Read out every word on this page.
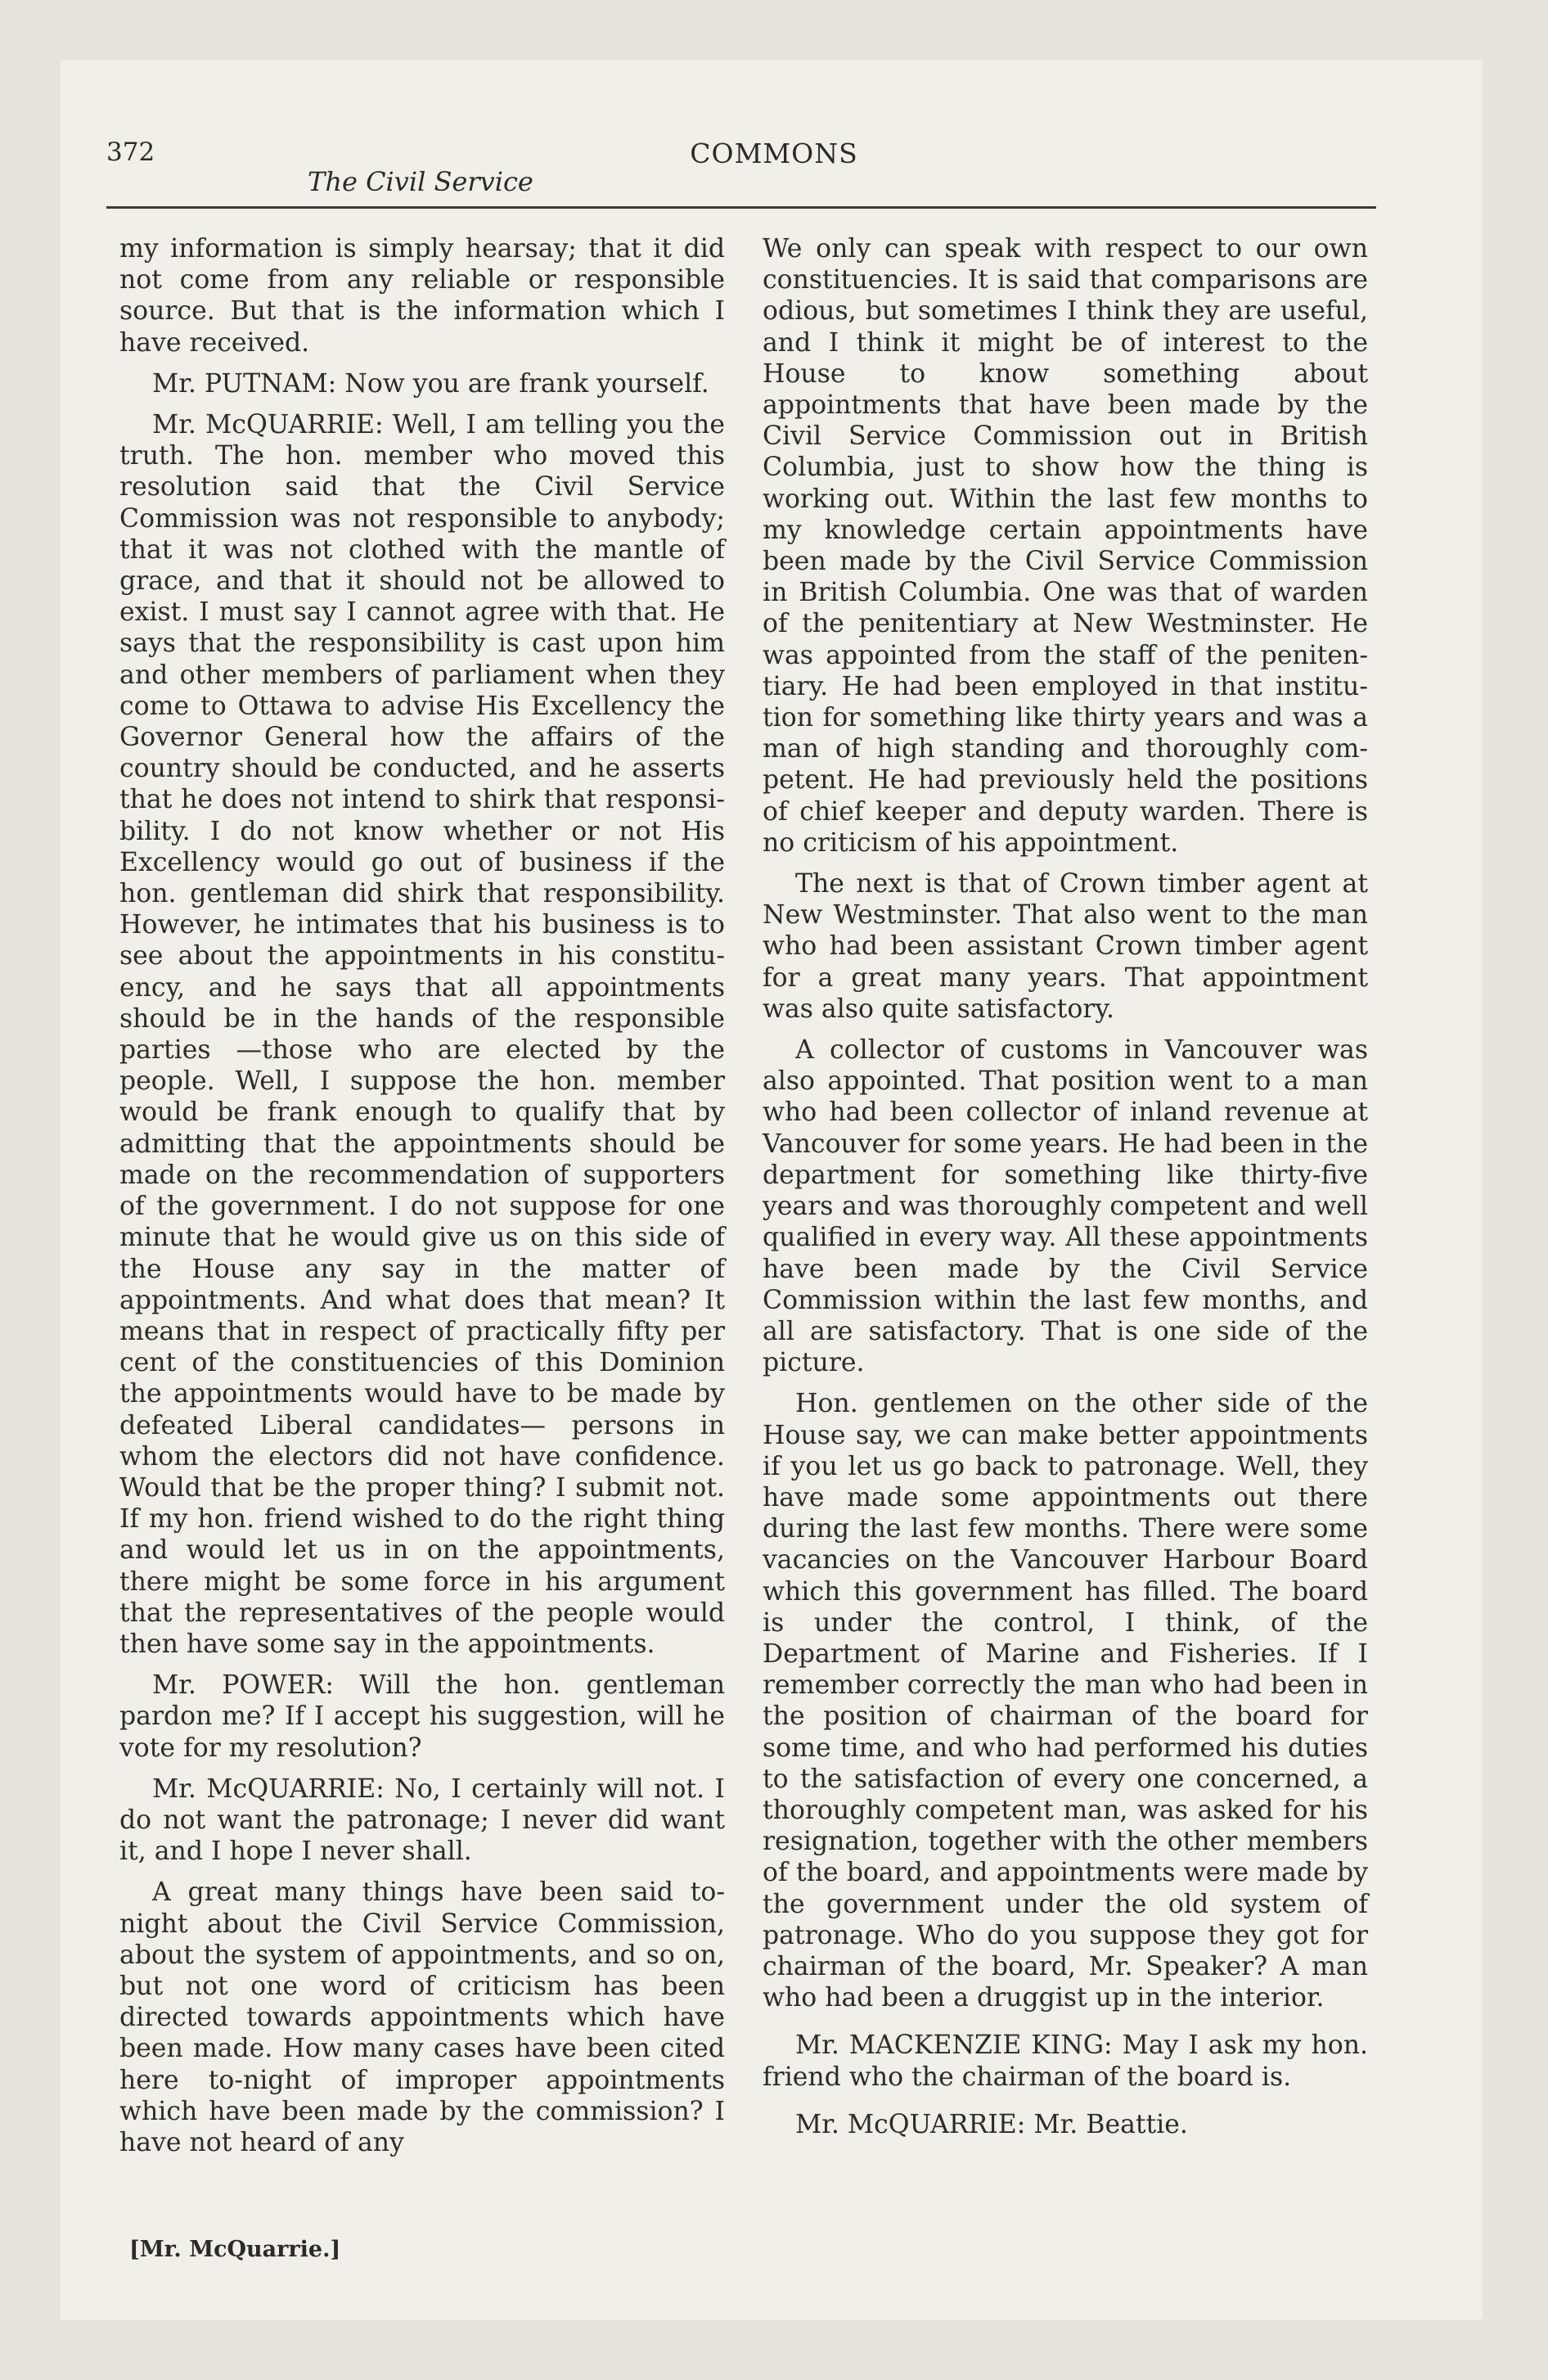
372	COMMONS
The Civil Service

my information is simply hearsay; that it did not come from any reliable or responsible source. But that is the information which I have received.

Mr. PUTNAM: Now you are frank yourself.

Mr. McQUARRIE: Well, I am telling you the truth. The hon. member who moved this resolution said that the Civil Service Commission was not responsible to anybody; that it was not clothed with the mantle of grace, and that it should not be allowed to exist. I must say I cannot agree with that. He says that the responsibility is cast upon him and other members of parliament when they come to Ottawa to advise His Excellency the Governor General how the affairs of the country should be conducted, and he asserts that he does not intend to shirk that responsibility. I do not know whether or not His Excellency would go out of business if the hon. gentleman did shirk that responsibility. However, he intimates that his business is to see about the appointments in his constituency, and he says that all appointments should be in the hands of the responsible parties —those who are elected by the people. Well, I suppose the hon. member would be frank enough to qualify that by admitting that the appointments should be made on the recommendation of supporters of the government. I do not suppose for one minute that he would give us on this side of the House any say in the matter of appointments. And what does that mean? It means that in respect of practically fifty per cent of the constituencies of this Dominion the appointments would have to be made by defeated Liberal candidates— persons in whom the electors did not have confidence. Would that be the proper thing? I submit not. If my hon. friend wished to do the right thing and would let us in on the appointments, there might be some force in his argument that the representatives of the people would then have some say in the appointments.

Mr. POWER: Will the hon. gentleman pardon me? If I accept his suggestion, will he vote for my resolution?

Mr. McQUARRIE: No, I certainly will not. I do not want the patronage; I never did want it, and I hope I never shall.

A great many things have been said to-night about the Civil Service Commission, about the system of appointments, and so on, but not one word of criticism has been directed towards appointments which have been made. How many cases have been cited here to-night of improper appointments which have been made by the commission? I have not heard of any

We only can speak with respect to our own constituencies. It is said that comparisons are odious, but sometimes I think they are useful, and I think it might be of interest to the House to know something about appointments that have been made by the Civil Service Commission out in British Columbia, just to show how the thing is working out. Within the last few months to my knowledge certain appointments have been made by the Civil Service Commission in British Columbia. One was that of warden of the penitentiary at New Westminster. He was appointed from the staff of the penitentiary. He had been employed in that institution for something like thirty years and was a man of high standing and thoroughly competent. He had previously held the positions of chief keeper and deputy warden. There is no criticism of his appointment.

The next is that of Crown timber agent at New Westminster. That also went to the man who had been assistant Crown timber agent for a great many years. That appointment was also quite satisfactory.

A collector of customs in Vancouver was also appointed. That position went to a man who had been collector of inland revenue at Vancouver for some years. He had been in the department for something like thirty-five years and was thoroughly competent and well qualified in every way. All these appointments have been made by the Civil Service Commission within the last few months, and all are satisfactory. That is one side of the picture.

Hon. gentlemen on the other side of the House say, we can make better appointments if you let us go back to patronage. Well, they have made some appointments out there during the last few months. There were some vacancies on the Vancouver Harbour Board which this government has filled. The board is under the control, I think, of the Department of Marine and Fisheries. If I remember correctly the man who had been in the position of chairman of the board for some time, and who had performed his duties to the satisfaction of every one concerned, a thoroughly competent man, was asked for his resignation, together with the other members of the board, and appointments were made by the government under the old system of patronage. Who do you suppose they got for chairman of the board, Mr. Speaker? A man who had been a druggist up in the interior.

Mr. MACKENZIE KING: May I ask my hon. friend who the chairman of the board is.

Mr. McQUARRIE: Mr. Beattie.

[Mr. McQuarrie.]
